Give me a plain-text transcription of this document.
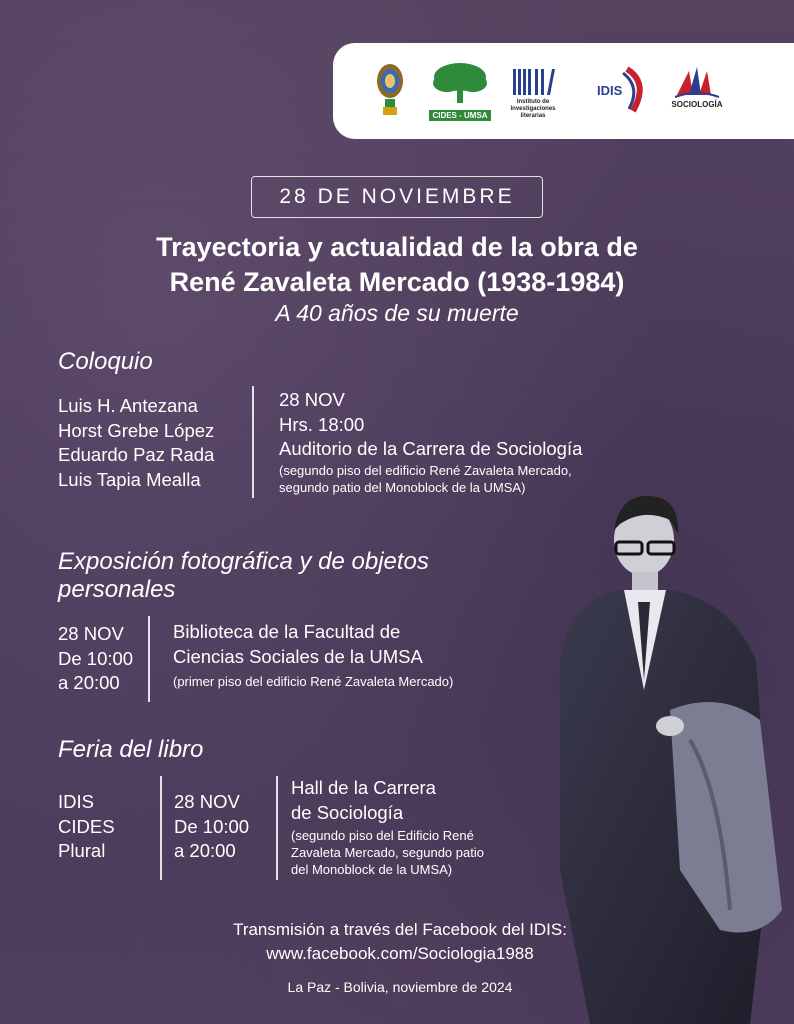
CIDES - UMSA
Instituto de Investigaciones literarias
IDIS
SOCIOLOGÍA
28 DE NOVIEMBRE
Trayectoria y actualidad de la obra de
René Zavaleta Mercado (1938-1984)
A 40 años de su muerte
Coloquio
Luis H. Antezana
Horst Grebe López
Eduardo Paz Rada
Luis Tapia Mealla
28 NOV
Hrs. 18:00
Auditorio de la Carrera de Sociología
(segundo piso del edificio René Zavaleta Mercado,
segundo patio del Monoblock de la UMSA)
Exposición fotográfica y de objetos
personales
28 NOV
De 10:00
a 20:00
Biblioteca de la Facultad de
Ciencias Sociales de la UMSA
(primer piso del edificio René Zavaleta Mercado)
Feria del libro
IDIS
CIDES
Plural
28 NOV
De 10:00
a 20:00
Hall de la Carrera
de Sociología
(segundo piso del Edificio René
Zavaleta Mercado, segundo patio
del Monoblock de la UMSA)
Transmisión a través del Facebook del IDIS:
www.facebook.com/Sociologia1988
La Paz - Bolivia, noviembre de 2024
